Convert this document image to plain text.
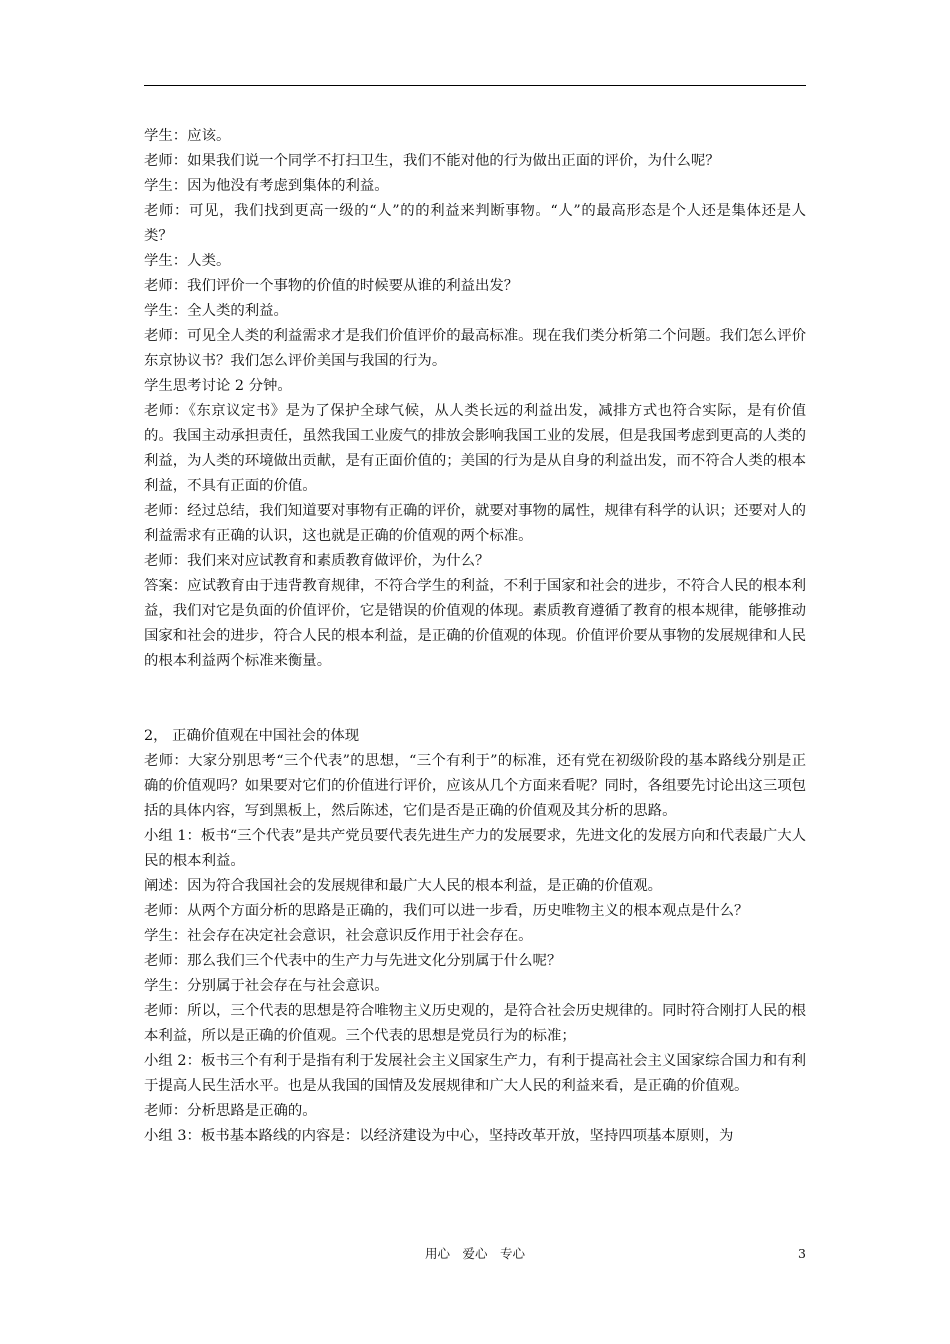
学生：应该。

老师：如果我们说一个同学不打扫卫生，我们不能对他的行为做出正面的评价，为什么呢？

学生：因为他没有考虑到集体的利益。

老师：可见，我们找到更高一级的“人”的的利益来判断事物。“人”的最高形态是个人还是集体还是人类？

学生：人类。

老师：我们评价一个事物的价值的时候要从谁的利益出发？

学生：全人类的利益。

老师：可见全人类的利益需求才是我们价值评价的最高标准。现在我们类分析第二个问题。我们怎么评价东京协议书？我们怎么评价美国与我国的行为。

学生思考讨论 2 分钟。

老师：《东京议定书》是为了保护全球气候，从人类长远的利益出发，减排方式也符合实际，是有价值的。我国主动承担责任，虽然我国工业废气的排放会影响我国工业的发展，但是我国考虑到更高的人类的利益，为人类的环境做出贡献，是有正面价值的；美国的行为是从自身的利益出发，而不符合人类的根本利益，不具有正面的价值。

老师：经过总结，我们知道要对事物有正确的评价，就要对事物的属性，规律有科学的认识；还要对人的利益需求有正确的认识，这也就是正确的价值观的两个标准。

老师：我们来对应试教育和素质教育做评价，为什么？

答案：应试教育由于违背教育规律，不符合学生的利益，不利于国家和社会的进步，不符合人民的根本利益，我们对它是负面的价值评价，它是错误的价值观的体现。素质教育遵循了教育的根本规律，能够推动国家和社会的进步，符合人民的根本利益，是正确的价值观的体现。价值评价要从事物的发展规律和人民的根本利益两个标准来衡量。

2， 正确价值观在中国社会的体现

老师：大家分别思考“三个代表”的思想，“三个有利于”的标准，还有党在初级阶段的基本路线分别是正确的价值观吗？如果要对它们的价值进行评价，应该从几个方面来看呢？同时，各组要先讨论出这三项包括的具体内容，写到黑板上，然后陈述，它们是否是正确的价值观及其分析的思路。

小组 1：板书“三个代表”是共产党员要代表先进生产力的发展要求，先进文化的发展方向和代表最广大人民的根本利益。

阐述：因为符合我国社会的发展规律和最广大人民的根本利益，是正确的价值观。

老师：从两个方面分析的思路是正确的，我们可以进一步看，历史唯物主义的根本观点是什么？

学生：社会存在决定社会意识，社会意识反作用于社会存在。

老师：那么我们三个代表中的生产力与先进文化分别属于什么呢？

学生：分别属于社会存在与社会意识。

老师：所以，三个代表的思想是符合唯物主义历史观的，是符合社会历史规律的。同时符合刚打人民的根本利益，所以是正确的价值观。三个代表的思想是党员行为的标准；

小组 2：板书三个有利于是指有利于发展社会主义国家生产力，有利于提高社会主义国家综合国力和有利于提高人民生活水平。也是从我国的国情及发展规律和广大人民的利益来看，是正确的价值观。

老师：分析思路是正确的。

小组 3：板书基本路线的内容是：以经济建设为中心，坚持改革开放，坚持四项基本原则，为

用心　爱心　专心	3
